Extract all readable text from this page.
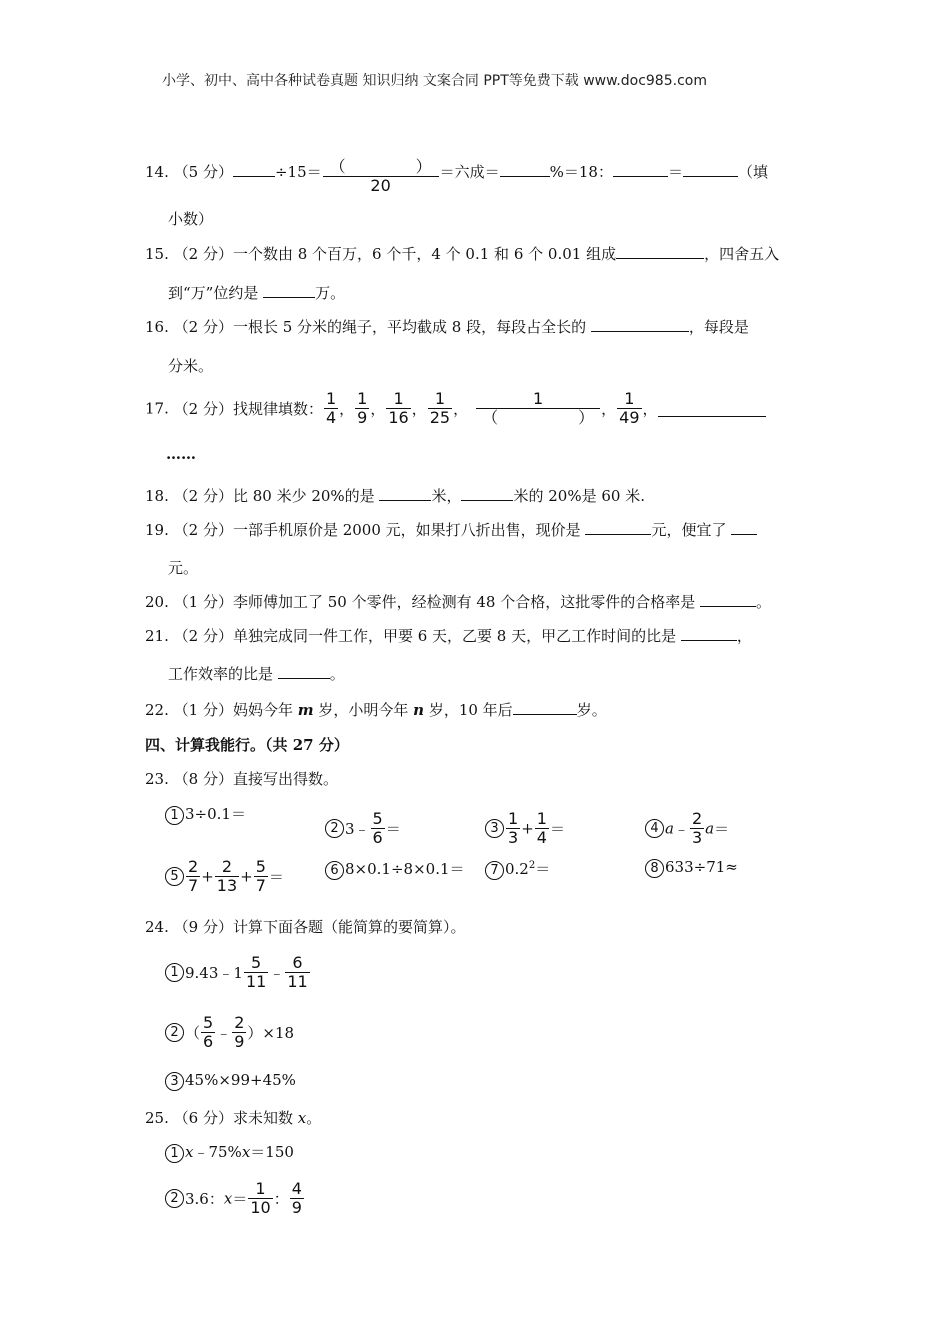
小学、初中、高中各种试卷真题 知识归纳 文案合同 PPT等免费下载 www.doc985.com
14. （5 分）	÷15＝ （	）
20 ＝六成＝	%＝18：	＝	（填
小数）
15. （2 分）一个数由 8 个百万，6 个千，4 个 0.1 和 6 个 0.01 组成	，四舍五入
到“万”位约是	万。
16. （2 分）一根长 5 分米的绳子，平均截成 8 段，每段占全长的	，每段是
分米。
17. （2 分）找规律填数： $\frac{1}{4}$ ， $\frac{1}{9}$ ， $\frac{1}{16}$ ， $\frac{1}{25}$ ， 1
（	） ， $\frac{1}{49}$ ，
……
18. （2 分）比 80 米少 20%的是	米，	米的 20%是 60 米.
19. （2 分）一部手机原价是 2000 元，如果打八折出售，现价是	元，便宜了
元。
20. （1 分）李师傅加工了 50 个零件，经检测有 48 个合格，这批零件的合格率是	。
21. （2 分）单独完成同一件工作，甲要 6 天，乙要 8 天，甲乙工作时间的比是	，
工作效率的比是	。
22. （1 分）妈妈今年 m 岁，小明今年 n 岁，10 年后	岁。
四、计算我能行。（共 27 分）
23. （8 分）直接写出得数。
1 3÷0.1＝
2 3﹣ $\frac{5}{6}$ ＝	$3 \frac{1}{3} + \frac{1}{4}$ ＝	4 a﹣ $\frac{2}{3} a=$
$5 \frac{2}{7} + \frac{2}{13} + \frac{5}{7}$ ＝	6 8×0.1÷8×0.1＝	7 $0.2^2=$	8 633÷71≈
24. （9 分）计算下面各题（能简算的要简算）。
1 9.43﹣1 $\frac{5}{11}$ ﹣ $\frac{6}{11}$
2 （ $\frac{5}{6}$ ﹣ $\frac{2}{9} )\times 18$
3 45%×99+45%
25. （6 分）求未知数 x。
1 x﹣75%x＝150
2 3.6：$x= \frac{1}{10}$ ： $\frac{4}{9}$
